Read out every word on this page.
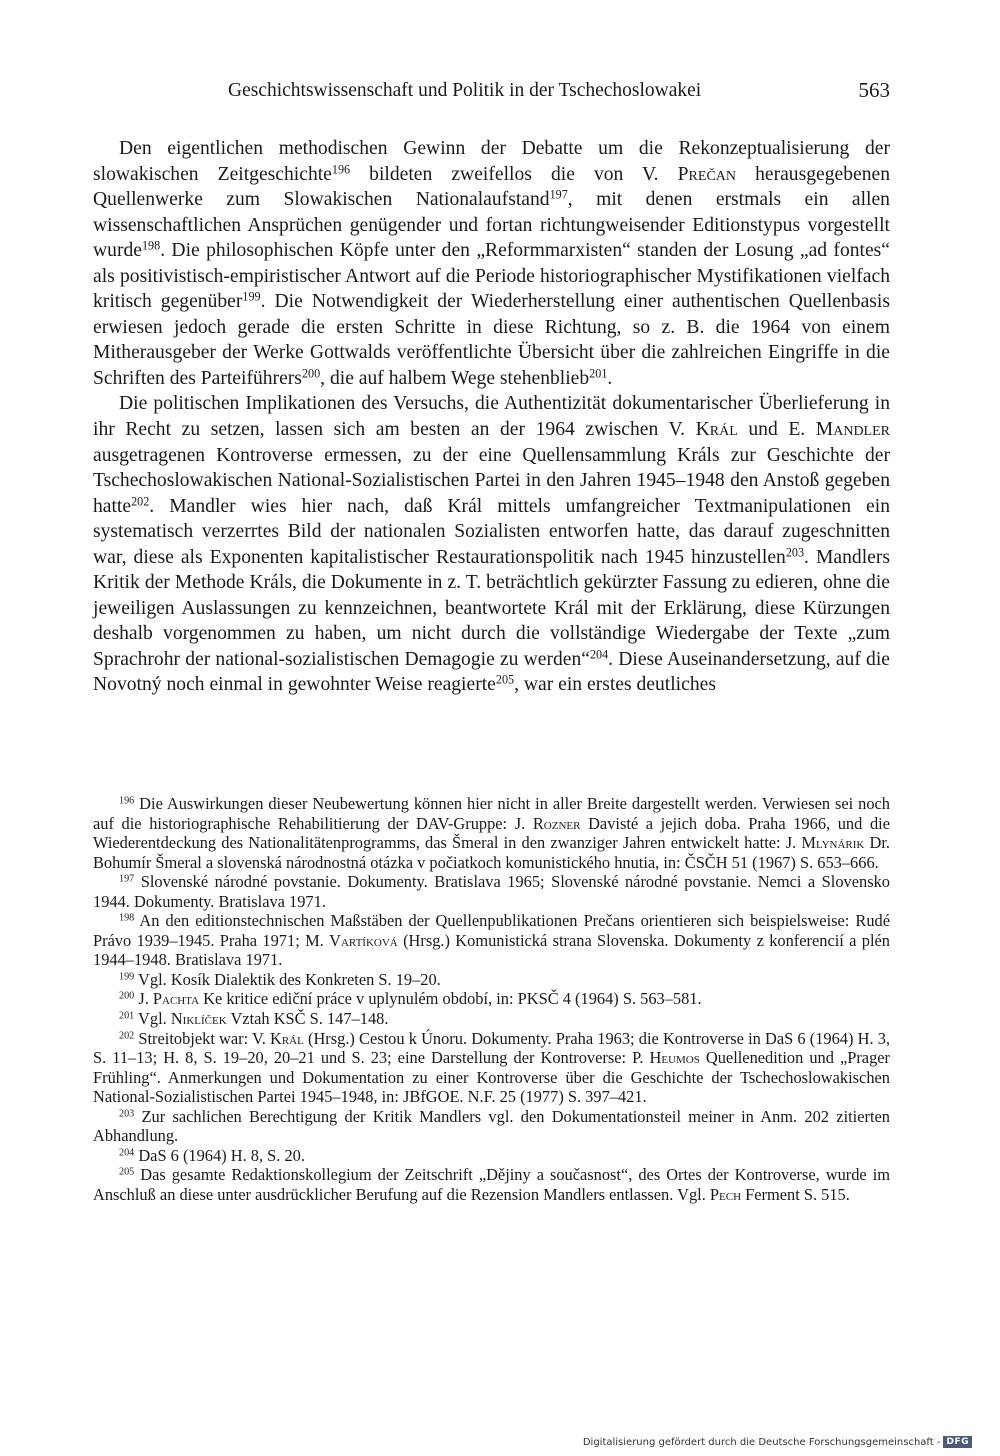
Geschichtswissenschaft und Politik in der Tschechoslowakei	563

Den eigentlichen methodischen Gewinn der Debatte um die Rekonzeptualisierung der slowakischen Zeitgeschichte$^{196}$ bildeten zweifellos die von V. Prečan herausgegebenen Quellenwerke zum Slowakischen Nationalaufstand$^{197}$, mit denen erstmals ein allen wissenschaftlichen Ansprüchen genügender und fortan richtungweisender Editionstypus vorgestellt wurde$^{198}$. Die philosophischen Köpfe unter den „Reformmarxisten“ standen der Losung „ad fontes“ als positivistisch-empiristischer Antwort auf die Periode historiographischer Mystifikationen vielfach kritisch gegenüber$^{199}$. Die Notwendigkeit der Wiederherstellung einer authentischen Quellenbasis erwiesen jedoch gerade die ersten Schritte in diese Richtung, so z. B. die 1964 von einem Mitherausgeber der Werke Gottwalds veröffentlichte Übersicht über die zahlreichen Eingriffe in die Schriften des Parteiführers$^{200}$, die auf halbem Wege stehenblieb$^{201}$.

Die politischen Implikationen des Versuchs, die Authentizität dokumentarischer Überlieferung in ihr Recht zu setzen, lassen sich am besten an der 1964 zwischen V. Král und E. Mandler ausgetragenen Kontroverse ermessen, zu der eine Quellensammlung Králs zur Geschichte der Tschechoslowakischen National-Sozialistischen Partei in den Jahren 1945–1948 den Anstoß gegeben hatte$^{202}$. Mandler wies hier nach, daß Král mittels umfangreicher Textmanipulationen ein systematisch verzerrtes Bild der nationalen Sozialisten entworfen hatte, das darauf zugeschnitten war, diese als Exponenten kapitalistischer Restaurationspolitik nach 1945 hinzustellen$^{203}$. Mandlers Kritik der Methode Králs, die Dokumente in z. T. beträchtlich gekürzter Fassung zu edieren, ohne die jeweiligen Auslassungen zu kennzeichnen, beantwortete Král mit der Erklärung, diese Kürzungen deshalb vorgenommen zu haben, um nicht durch die vollständige Wiedergabe der Texte „zum Sprachrohr der national-sozialistischen Demagogie zu werden“$^{204}$. Diese Auseinandersetzung, auf die Novotný noch einmal in gewohnter Weise reagierte$^{205}$, war ein erstes deutliches

$^{196}$ Die Auswirkungen dieser Neubewertung können hier nicht in aller Breite dargestellt werden. Verwiesen sei noch auf die historiographische Rehabilitierung der DAV-Gruppe: J. Rozner Davisté a jejich doba. Praha 1966, und die Wiederentdeckung des Nationalitätenprogramms, das Šmeral in den zwanziger Jahren entwickelt hatte: J. Mlynárik Dr. Bohumír Šmeral a slovenská národnostná otázka v počiatkoch komunistického hnutia, in: ČSČH 51 (1967) S. 653–666.

$^{197}$ Slovenské národné povstanie. Dokumenty. Bratislava 1965; Slovenské národné povstanie. Nemci a Slovensko 1944. Dokumenty. Bratislava 1971.

$^{198}$ An den editionstechnischen Maßstäben der Quellenpublikationen Prečans orientieren sich beispielsweise: Rudé Právo 1939–1945. Praha 1971; M. Vartíková (Hrsg.) Komunistická strana Slovenska. Dokumenty z konferencií a plén 1944–1948. Bratislava 1971.

$^{199}$ Vgl. Kosík Dialektik des Konkreten S. 19–20.

$^{200}$ J. Pachta Ke kritice ediční práce v uplynulém období, in: PKSČ 4 (1964) S. 563–581.

$^{201}$ Vgl. Niklíček Vztah KSČ S. 147–148.

$^{202}$ Streitobjekt war: V. Král (Hrsg.) Cestou k Únoru. Dokumenty. Praha 1963; die Kontroverse in DaS 6 (1964) H. 3, S. 11–13; H. 8, S. 19–20, 20–21 und S. 23; eine Darstellung der Kontroverse: P. Heumos Quellenedition und „Prager Frühling“. Anmerkungen und Dokumentation zu einer Kontroverse über die Geschichte der Tschechoslowakischen National-Sozialistischen Partei 1945–1948, in: JBfGOE. N.F. 25 (1977) S. 397–421.

$^{203}$ Zur sachlichen Berechtigung der Kritik Mandlers vgl. den Dokumentationsteil meiner in Anm. 202 zitierten Abhandlung.

$^{204}$ DaS 6 (1964) H. 8, S. 20.

$^{205}$ Das gesamte Redaktionskollegium der Zeitschrift „Dějiny a současnost“, des Ortes der Kontroverse, wurde im Anschluß an diese unter ausdrücklicher Berufung auf die Rezension Mandlers entlassen. Vgl. Pech Ferment S. 515.

Digitalisierung gefördert durch die Deutsche Forschungsgemeinschaft - DFG
